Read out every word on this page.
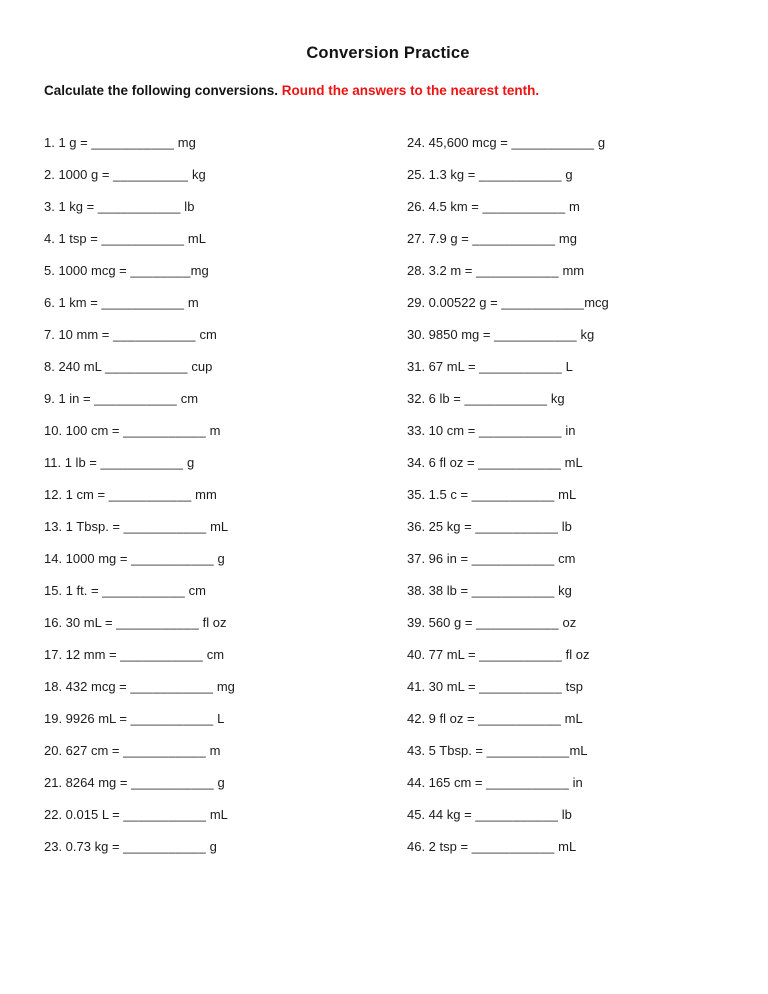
Conversion Practice

Calculate the following conversions. Round the answers to the nearest tenth.

1. 1 g = ___________ mg
2. 1000 g = __________ kg
3. 1 kg = ___________ lb
4. 1 tsp = ___________ mL
5. 1000 mcg = ________mg
6. 1 km = ___________ m
7. 10 mm = ___________ cm
8. 240 mL ___________ cup
9. 1 in = ___________ cm
10. 100 cm = ___________ m
11. 1 lb = ___________ g
12. 1 cm = ___________ mm
13. 1 Tbsp. = ___________ mL
14. 1000 mg = ___________ g
15. 1 ft. = ___________ cm
16. 30 mL = ___________ fl oz
17. 12 mm = ___________ cm
18. 432 mcg = ___________ mg
19. 9926 mL = ___________ L
20. 627 cm = ___________ m
21. 8264 mg = ___________ g
22. 0.015 L = ___________ mL
23. 0.73 kg = ___________ g
24. 45,600 mcg = ___________ g
25. 1.3 kg = ___________ g
26. 4.5 km = ___________ m
27. 7.9 g = ___________ mg
28. 3.2 m = ___________ mm
29. 0.00522 g = ___________mcg
30. 9850 mg = ___________ kg
31. 67 mL = ___________ L
32. 6 lb = ___________ kg
33. 10 cm = ___________ in
34. 6 fl oz = ___________ mL
35. 1.5 c = ___________ mL
36. 25 kg = ___________ lb
37. 96 in = ___________ cm
38. 38 lb = ___________ kg
39. 560 g = ___________ oz
40. 77 mL = ___________ fl oz
41. 30 mL = ___________ tsp
42. 9 fl oz = ___________ mL
43. 5 Tbsp. = ___________mL
44. 165 cm = ___________ in
45. 44 kg = ___________ lb
46. 2 tsp = ___________ mL
